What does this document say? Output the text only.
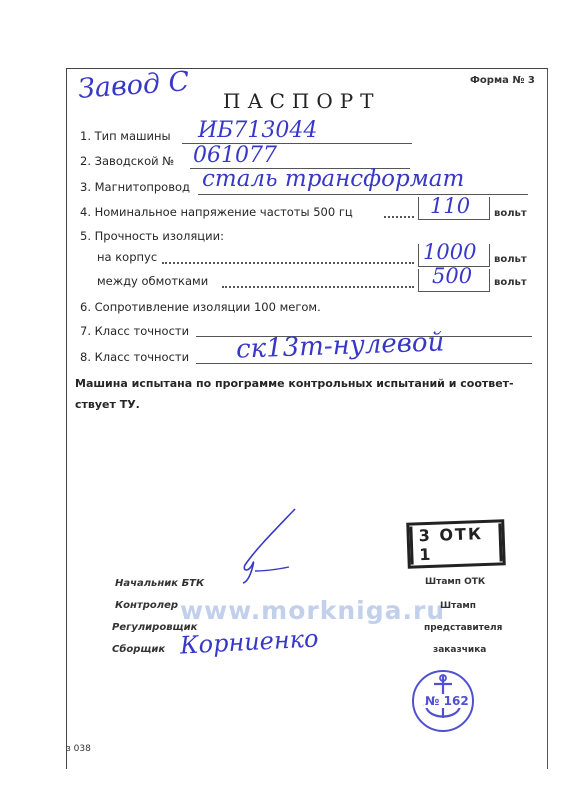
Завод С	Форма № 3
ПАСПОРТ
1. Тип машины ИБ713044
2. Заводской № 061077
3. Магнитопровод сталь трансформат
4. Номинальное напряжение частоты 500 гц	110 вольт
5. Прочность изоляции:
на корпус	1000 вольт
между обмотками	500 вольт
6. Сопротивление изоляции 100 мегом.
7. Класс точности
8. Класс точности ск13т-нулевой
Машина испытана по программе контрольных испытаний и соответ-
ствует ТУ.
Начальник БТК
Контролер
Регулировщик
Сборщик Корниенко
www.morkniga.ru
3 ОТК 1
Штамп ОТК
Штамп
представителя
заказчика
№ 162
з 038
